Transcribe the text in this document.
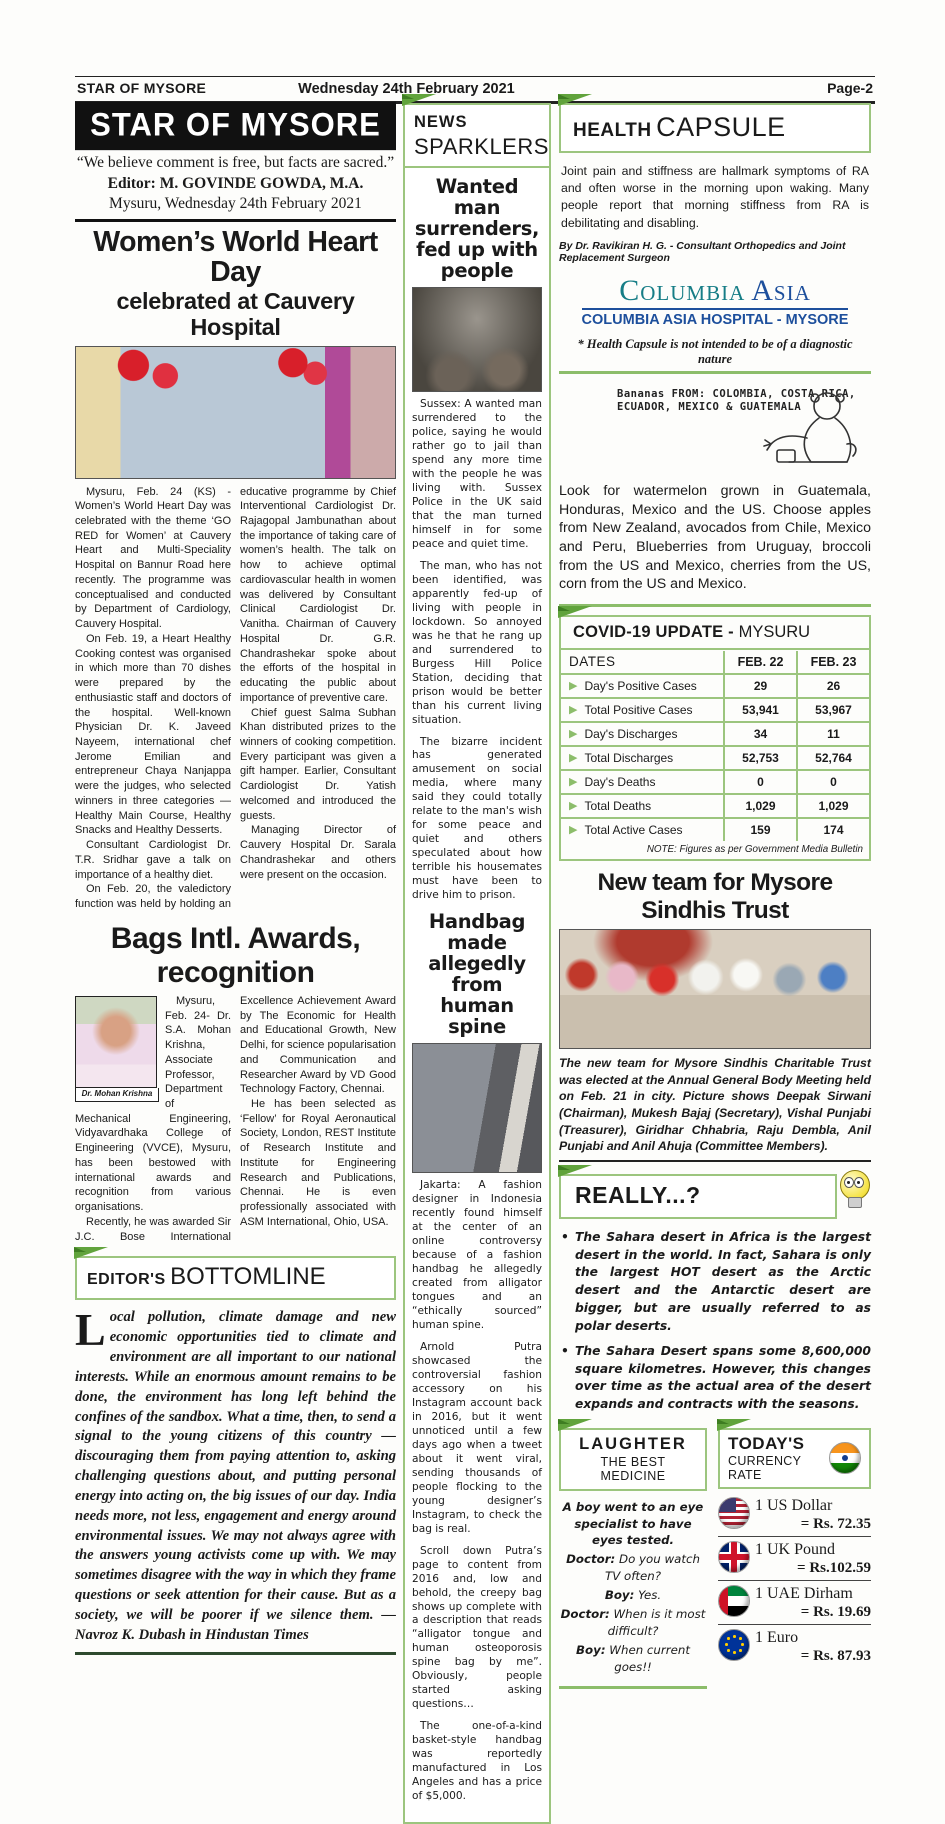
STAR OF MYSORE	Wednesday 24th February 2021	Page-2
STAR OF MYSORE
“We believe comment is free, but facts are sacred.”
Editor: M. GOVINDE GOWDA, M.A.
Mysuru, Wednesday 24th February 2021
Women’s World Heart Day
celebrated at Cauvery Hospital

Mysuru, Feb. 24 (KS) - Women’s World Heart Day was celebrated with the theme ‘GO RED for Women’ at Cauvery Heart and Multi-Speciality Hospital on Bannur Road here recently. The programme was conceptualised and conducted by Department of Cardiology, Cauvery Hospital.

On Feb. 19, a Heart Healthy Cooking contest was organised in which more than 70 dishes were prepared by the enthusiastic staff and doctors of the hospital. Well-known Physician Dr. K. Javeed Nayeem, international chef Jerome Emilian and entrepreneur Chaya Nanjappa were the judges, who selected winners in three categories — Healthy Main Course, Healthy Snacks and Healthy Desserts.

Consultant Cardiologist Dr. T.R. Sridhar gave a talk on importance of a healthy diet.

On Feb. 20, the valedictory function was held by holding an educative programme by Chief Interventional Cardiologist Dr. Rajagopal Jambunathan about the importance of taking care of women’s health. The talk on how to achieve optimal cardiovascular health in women was delivered by Consultant Clinical Cardiologist Dr. Vanitha. Chairman of Cauvery Hospital Dr. G.R. Chandrashekar spoke about the efforts of the hospital in educating the public about importance of preventive care.

Chief guest Salma Subhan Khan distributed prizes to the winners of cooking competition. Every participant was given a gift hamper. Earlier, Consultant Cardiologist Dr. Yatish welcomed and introduced the guests.

Managing Director of Cauvery Hospital Dr. Sarala Chandrashekar and others were present on the occasion.

Bags Intl. Awards, recognition
Dr. Mohan Krishna

Mysuru, Feb. 24- Dr. S.A. Mohan Krishna, Associate Professor, Department of Mechanical Engineering, Vidyavardhaka College of Engineering (VVCE), Mysuru, has been bestowed with international awards and recognition from various organisations.

Recently, he was awarded Sir J.C. Bose International Excellence Achievement Award by The Economic for Health and Educational Growth, New Delhi, for science popularisation and Communication and Researcher Award by VD Good Technology Factory, Chennai.

He has been selected as ‘Fellow’ for Royal Aeronautical Society, London, REST Institute of Research Institute and Institute for Engineering Research and Publications, Chennai. He is even professionally associated with ASM International, Ohio, USA.

EDITOR'S BOTTOMLINE
Local pollution, climate damage and new economic opportunities tied to climate and environment are all important to our national interests. While an enormous amount remains to be done, the environment has long left behind the confines of the sandbox. What a time, then, to send a signal to the young citizens of this country — discouraging them from paying attention to, asking challenging questions about, and putting personal energy into acting on, the big issues of our day. India needs more, not less, engagement and energy around environmental issues. We may not always agree with the answers young activists come up with. We may sometimes disagree with the way in which they frame questions or seek attention for their cause. But as a society, we will be poorer if we silence them. —Navroz K. Dubash in Hindustan Times
NEWS
SPARKLERS
Wanted man surrenders, fed up with people

Sussex: A wanted man surrendered to the police, saying he would rather go to jail than spend any more time with the people he was living with. Sussex Police in the UK said that the man turned himself in for some peace and quiet time.

The man, who has not been identified, was apparently fed-up of living with people in lockdown. So annoyed was he that he rang up and surrendered to Burgess Hill Police Station, deciding that prison would be better than his current living situation.

The bizarre incident has generated amusement on social media, where many said they could totally relate to the man's wish for some peace and quiet and others speculated about how terrible his housemates must have been to drive him to prison.

Handbag made allegedly from human spine

Jakarta: A fashion designer in Indonesia recently found himself at the center of an online controversy because of a fashion handbag he allegedly created from alligator tongues and an “ethically sourced” human spine.

Arnold Putra showcased the controversial fashion accessory on his Instagram account back in 2016, but it went unnoticed until a few days ago when a tweet about it went viral, sending thousands of people flocking to the young designer’s Instagram, to check the bag is real.

Scroll down Putra’s page to content from 2016 and, low and behold, the creepy bag shows up complete with a description that reads “alligator tongue and human osteoporosis spine bag by me”. Obviously, people started asking questions…

The one-of-a-kind basket-style handbag was reportedly manufactured in Los Angeles and has a price of $5,000.

HEALTH CAPSULE
Joint pain and stiffness are hallmark symptoms of RA and often worse in the morning upon waking. Many people report that morning stiffness from RA is debilitating and disabling.
By Dr. Ravikiran H. G. - Consultant Orthopedics and Joint Replacement Surgeon
Columbia Asia
COLUMBIA ASIA HOSPITAL - MYSORE
* Health Capsule is not intended to be of a diagnostic nature
Bananas FROM: COLOMBIA, COSTA RICA, ECUADOR, MEXICO & GUATEMALA
Look for watermelon grown in Guatemala, Honduras, Mexico and the US. Choose apples from New Zealand, avocados from Chile, Mexico and Peru, Blueberries from Uruguay, broccoli from the US and Mexico, cherries from the US, corn from the US and Mexico.
COVID-19 UPDATE - MYSURU
DATES	FEB. 22	FEB. 23
▶ Day's Positive Cases	29	26
▶ Total Positive Cases	53,941	53,967
▶ Day's Discharges	34	11
▶ Total Discharges	52,753	52,764
▶ Day's Deaths	0	0
▶ Total Deaths	1,029	1,029
▶ Total Active Cases	159	174
NOTE: Figures as per Government Media Bulletin
New team for Mysore Sindhis Trust
The new team for Mysore Sindhis Charitable Trust was elected at the Annual General Body Meeting held on Feb. 21 in city. Picture shows Deepak Sirwani (Chairman), Mukesh Bajaj (Secretary), Vishal Punjabi (Treasurer), Giridhar Chhabria, Raju Dembla, Anil Punjabi and Anil Ahuja (Committee Members).
REALLY...?
• The Sahara desert in Africa is the largest desert in the world. In fact, Sahara is only the largest HOT desert as the Arctic desert and the Antarctic desert are bigger, but are usually referred to as polar deserts.
• The Sahara Desert spans some 8,600,000 square kilometres. However, this changes over time as the actual area of the desert expands and contracts with the seasons.
LAUGHTER
THE BEST MEDICINE
A boy went to an eye specialist to have eyes tested.
Doctor: Do you watch TV often?
Boy: Yes.
Doctor: When is it most difficult?
Boy: When current goes!!
TODAY'S
CURRENCY RATE
1 US Dollar
= Rs. 72.35
1 UK Pound
= Rs.102.59
1 UAE Dirham
= Rs. 19.69
1 Euro
= Rs. 87.93
